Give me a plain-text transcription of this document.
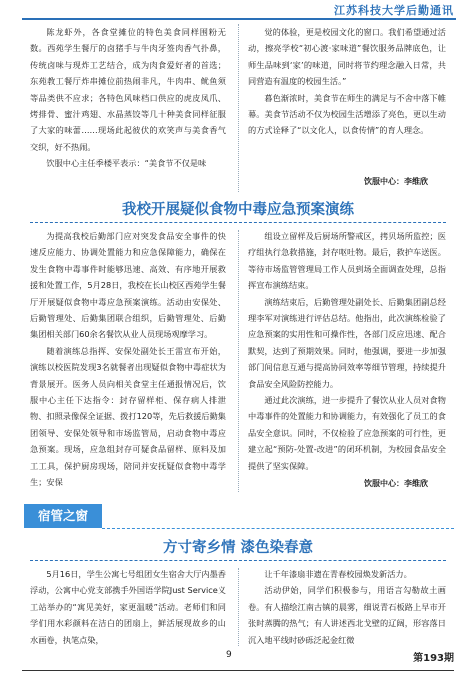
江苏科技大学后勤通讯

陈龙虾外，各食堂摊位的特色美食同样围粉无数。西苑学生餐厅的卤猪手与牛肉牙签肉香气扑鼻，传统卤味与现炸工艺结合，成为肉食爱好者的首选；东苑教工餐厅炸串摊位前热闹非凡，牛肉串、鱿鱼须等品类供不应求；各特色风味档口供应的虎皮凤爪、烤排骨、蜜汁鸡翅、水晶蒸饺等几十种美食同样征服了大家的味蕾……现场此起彼伏的欢笑声与美食香气交织，好不热闹。

饮服中心主任季楼平表示：“美食节不仅是味

觉的体验，更是校园文化的窗口。我们希望通过活动，擦亮学校“初心渡·家味道”餐饮服务品牌底色，让师生品味到‘家’的味道，同时将节约理念融入日常，共同营造有温度的校园生活。”

暮色渐浓时，美食节在师生的满足与不舍中落下帷幕。美食节活动不仅为校园生活增添了亮色，更以生动的方式诠释了“以文化人，以食传情”的育人理念。

饮服中心：李维欣
我校开展疑似食物中毒应急预案演练

为提高我校后勤部门应对突发食品安全事件的快速反应能力、协调处置能力和应急保障能力，确保在发生食物中毒事件时能够迅速、高效、有序地开展救援和处置工作，5月28日，我校在长山校区西苑学生餐厅开展疑似食物中毒应急预案演练。活动由安保处、后勤管理处、后勤集团联合组织，后勤管理处、后勤集团相关部门60余名餐饮从业人员现场观摩学习。

随着演练总指挥、安保处副处长王雷宣布开始，演练以校医院发现3名就餐者出现疑似食物中毒症状为背景展开。医务人员向相关食堂主任通报情况后，饮服中心主任下达指令：封存留样柜、保存病人排泄物、扣照录像保全证据、拨打120等，先后救援后勤集团领导、安保处领导和市场监管局，启动食物中毒应急预案。现场，应急组封存可疑食品留样、原料及加工工具，保护厨房现场，陪同并安抚疑似食物中毒学生；安保

组设立留样及后厨场所警戒区，拷贝场所监控；医疗组执行急救措施，封存呕吐物。最后，救护车送医。等待市场监管管理局工作人员到场全面调查处理，总指挥宣布演练结束。

演练结束后，后勤管理处副处长、后勤集团副总经理李军对演练进行评估总结。他指出，此次演练检验了应急预案的实用性和可操作性，各部门反应迅速、配合默契，达到了预期效果。同时，他强调，要进一步加强部门间信息互通与提高协同效率等细节管理，持续提升食品安全风险防控能力。

通过此次演练，进一步提升了餐饮从业人员对食物中毒事件的处置能力和协调能力，有效强化了员工的食品安全意识。同时，不仅检验了应急预案的可行性，更建立起“预防-处置-改进”的闭环机制，为校园食品安全提供了坚实保障。

饮服中心：李维欣
宿管之窗
方寸寄乡情 漆色染春意

5月16日，学生公寓七号组团女生宿舍大厅内墨香浮动，公寓中心党支部携手外国语学院Just Service义工站举办的“寓见美好，家更温暖”活动。老师们和同学们用水彩颜料在洁白的团扇上，鲜活展现故乡的山水画卷，执笔点染，

让千年漆扇非遗在青春校园焕发新活力。

活动伊始，同学们积极参与，用语言勾勒故土画卷。有人描绘江南古镇的晨雾，细说青石板路上早市开张时蒸腾的热气；有人讲述西北戈壁的辽阔，形容落日沉入地平线时砂砾泛起金红微

9	第193期
